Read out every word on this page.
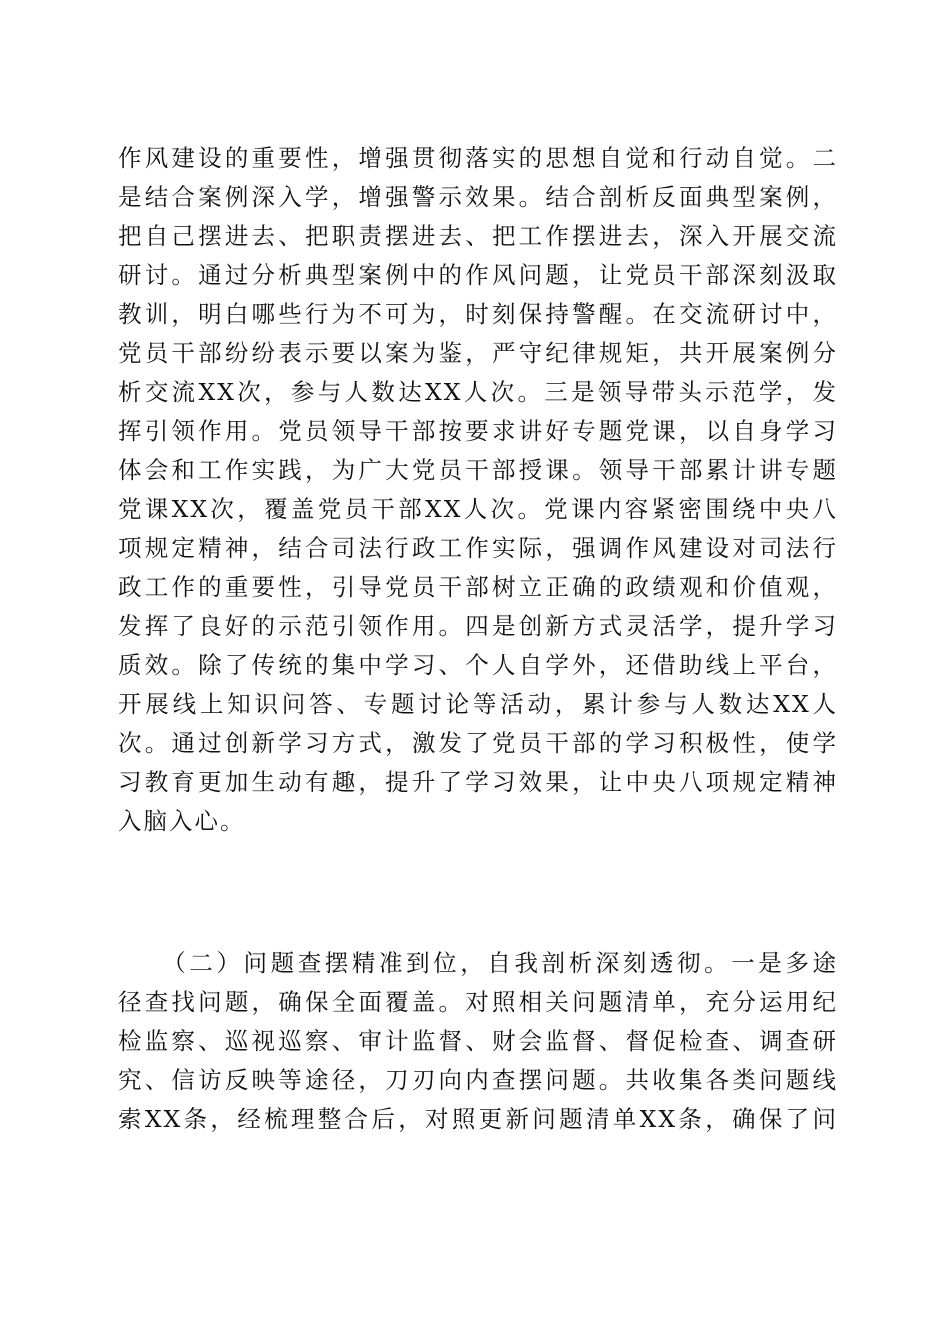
作风建设的重要性，增强贯彻落实的思想自觉和行动自觉。二
是结合案例深入学，增强警示效果。结合剖析反面典型案例，
把自己摆进去、把职责摆进去、把工作摆进去，深入开展交流
研讨。通过分析典型案例中的作风问题，让党员干部深刻汲取
教训，明白哪些行为不可为，时刻保持警醒。在交流研讨中，
党员干部纷纷表示要以案为鉴，严守纪律规矩，共开展案例分
析交流XX次，参与人数达XX人次。三是领导带头示范学，发
挥引领作用。党员领导干部按要求讲好专题党课，以自身学习
体会和工作实践，为广大党员干部授课。领导干部累计讲专题
党课XX次，覆盖党员干部XX人次。党课内容紧密围绕中央八
项规定精神，结合司法行政工作实际，强调作风建设对司法行
政工作的重要性，引导党员干部树立正确的政绩观和价值观，
发挥了良好的示范引领作用。四是创新方式灵活学，提升学习
质效。除了传统的集中学习、个人自学外，还借助线上平台，
开展线上知识问答、专题讨论等活动，累计参与人数达XX人
次。通过创新学习方式，激发了党员干部的学习积极性，使学
习教育更加生动有趣，提升了学习效果，让中央八项规定精神
入脑入心。
（二）问题查摆精准到位，自我剖析深刻透彻。一是多途
径查找问题，确保全面覆盖。对照相关问题清单，充分运用纪
检监察、巡视巡察、审计监督、财会监督、督促检查、调查研
究、信访反映等途径，刀刃向内查摆问题。共收集各类问题线
索XX条，经梳理整合后，对照更新问题清单XX条，确保了问
